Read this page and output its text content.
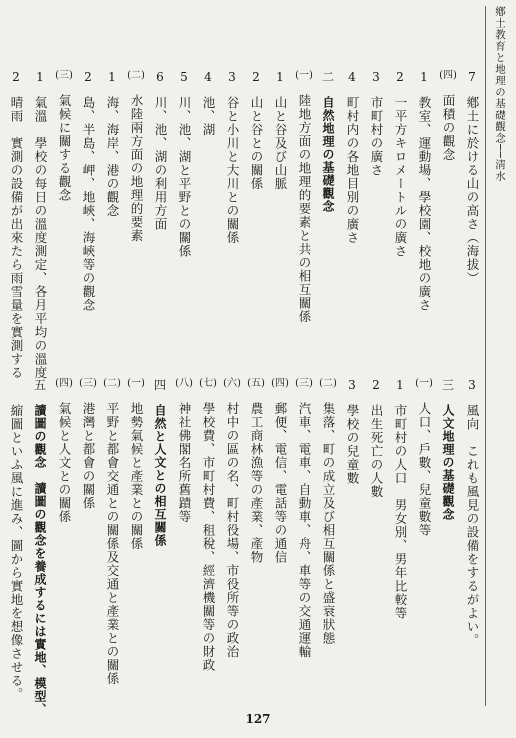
鄕土教育と地理の基礎觀念──淸水
7
鄕土に於ける山の高さ（海拔）
(四)
面積の觀念
1
教室、運動場、學校園、校地の廣さ
2
一平方キロメートルの廣さ
3
市町村の廣さ
4
町村内の各地目別の廣さ
二
自然地理の基礎觀念
(一)
陸地方面の地理的要素と共の相互關係
1
山と谷及び山脈
2
山と谷との關係
3
谷と小川と大川との關係
4
池、湖
5
川、池、湖と平野との關係
6
川、池、湖の利用方面
(二)
水陸兩方面の地理的要素
1
海、海岸、港の觀念
2
島、半島、岬、地峽、海峽等の觀念
(三)
氣候に關する觀念
1
氣溫　學校の每日の溫度測定、各月平均の溫度
2
晴雨　實測の設備が出來たら雨雪量を實測する
3
風向　これも風見の設備をするがよい。
三
人文地理の基礎觀念
(一)
人口、戶數、兒童數等
1
市町村の人口　男女別、男年比較等
2
出生死亡の人數
3
學校の兒童數
(二)
集落、町の成立及び相互關係と盛衰狀態
(三)
汽車、電車、自動車、舟、車等の交通運輸
(四)
郵便、電信、電話等の通信
(五)
農工商林漁等の產業、產物
(六)
村中の區の名、町村役場、市役所等の政治
(七)
學校費、市町村費、租稅、經濟機關等の財政
(八)
神社佛閣名所舊蹟等
四
自然と人文との相互關係
(一)
地勢氣候と產業との關係
(二)
平野と都會交通との關係及交通と產業との關係
(三)
港灣と都會の關係
(四)
氣候と人文との關係
五
讀圖の觀念　讀圖の觀念を養成するには實地、模型、
縮圖といふ風に進み、圖から實地を想像させる。
127
